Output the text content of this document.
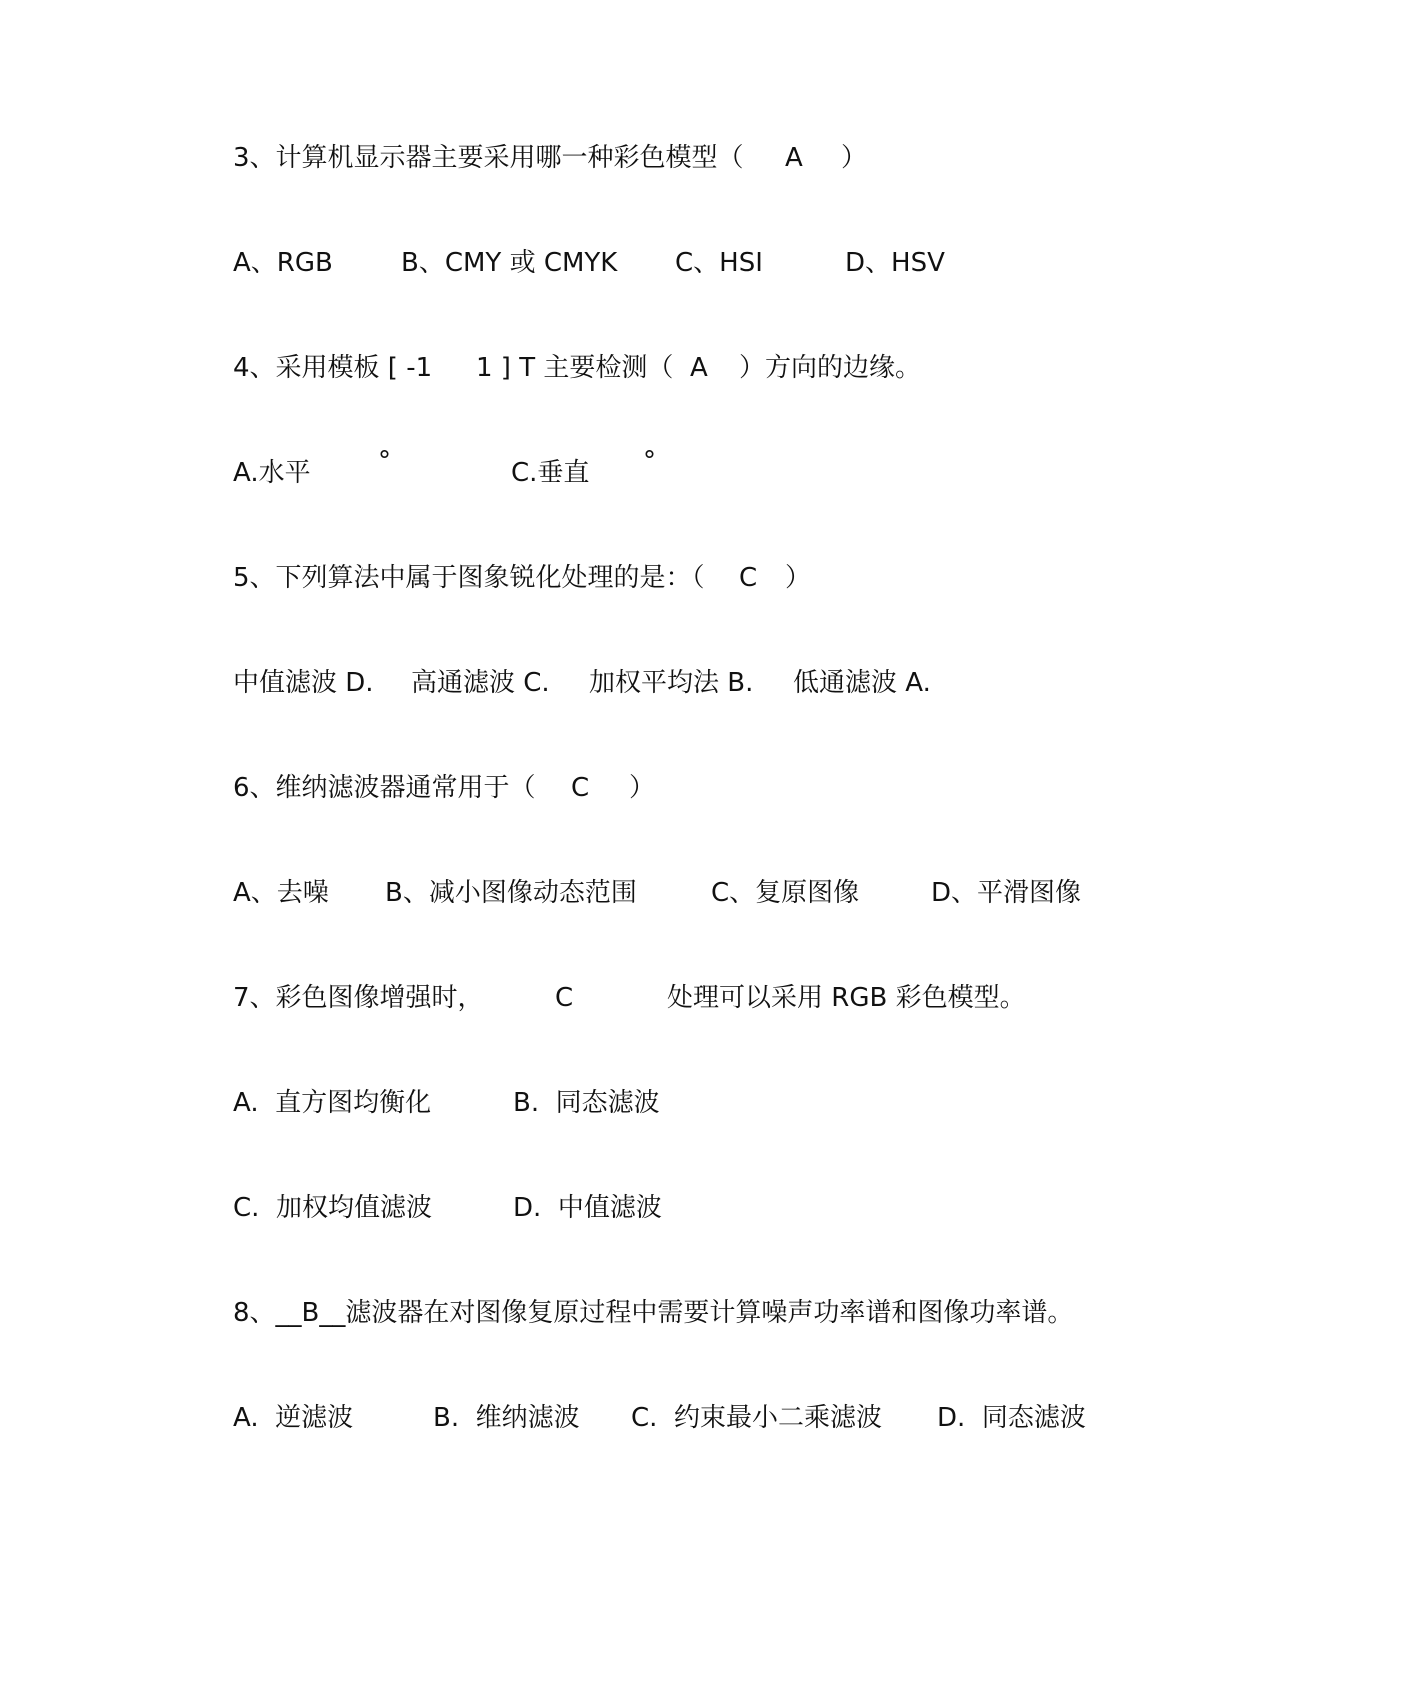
3、计算机显示器主要采用哪一种彩色模型（

A

）

A、RGB

	B、CMY 或 CMYK

C、HSI

	D、HSV

4、采用模板 [ -1

1 ] T 主要检测（

A

）方向的边缘。

A.水平

	°

	C.垂直

°

5、下列算法中属于图象锐化处理的是：（

C

）

中值滤波 D.

高通滤波 C.

加权平均法 B.

低通滤波 A.

6、维纳滤波器通常用于（

C

）

A、去噪

B、减小图像动态范围

	C、复原图像

	D、平滑图像

7、彩色图像增强时，

	C

	处理可以采用 RGB 彩色模型。

A.  直方图均衡化

	B.  同态滤波

C.  加权均值滤波

	D.  中值滤波

8、__B__滤波器在对图像复原过程中需要计算噪声功率谱和图像功率谱。

A.  逆滤波

	B.  维纳滤波

C.  约束最小二乘滤波

D.  同态滤波
